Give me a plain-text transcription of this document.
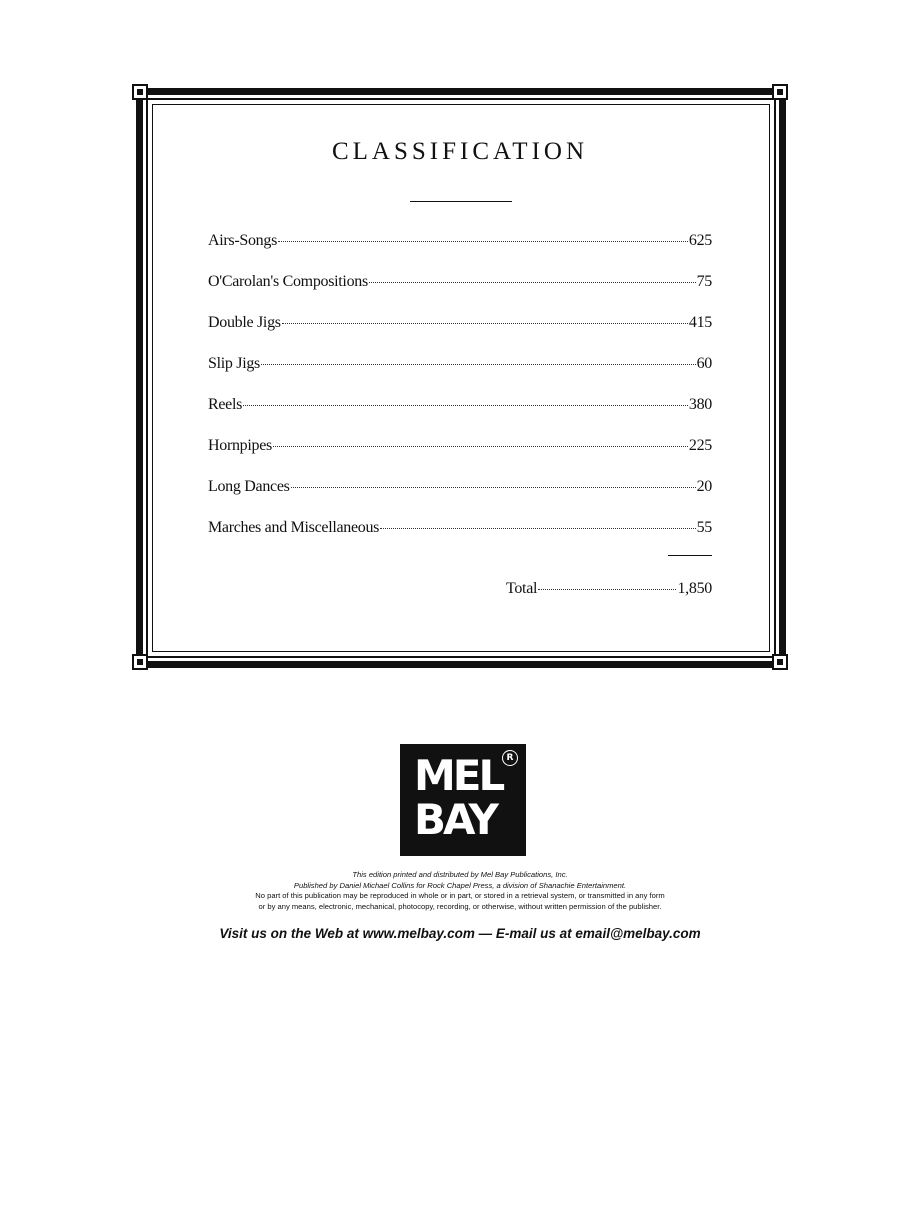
CLASSIFICATION
Airs-Songs	625
O'Carolan's Compositions	75
Double Jigs	415
Slip Jigs	60
Reels	380
Hornpipes	225
Long Dances	20
Marches and Miscellaneous	55
Total	1,850
MEL
BAY
R
This edition printed and distributed by Mel Bay Publications, Inc.
Published by Daniel Michael Collins for Rock Chapel Press, a division of Shanachie Entertainment.
No part of this publication may be reproduced in whole or in part, or stored in a retrieval system, or transmitted in any form
or by any means, electronic, mechanical, photocopy, recording, or otherwise, without written permission of the publisher.
Visit us on the Web at www.melbay.com — E-mail us at email@melbay.com
